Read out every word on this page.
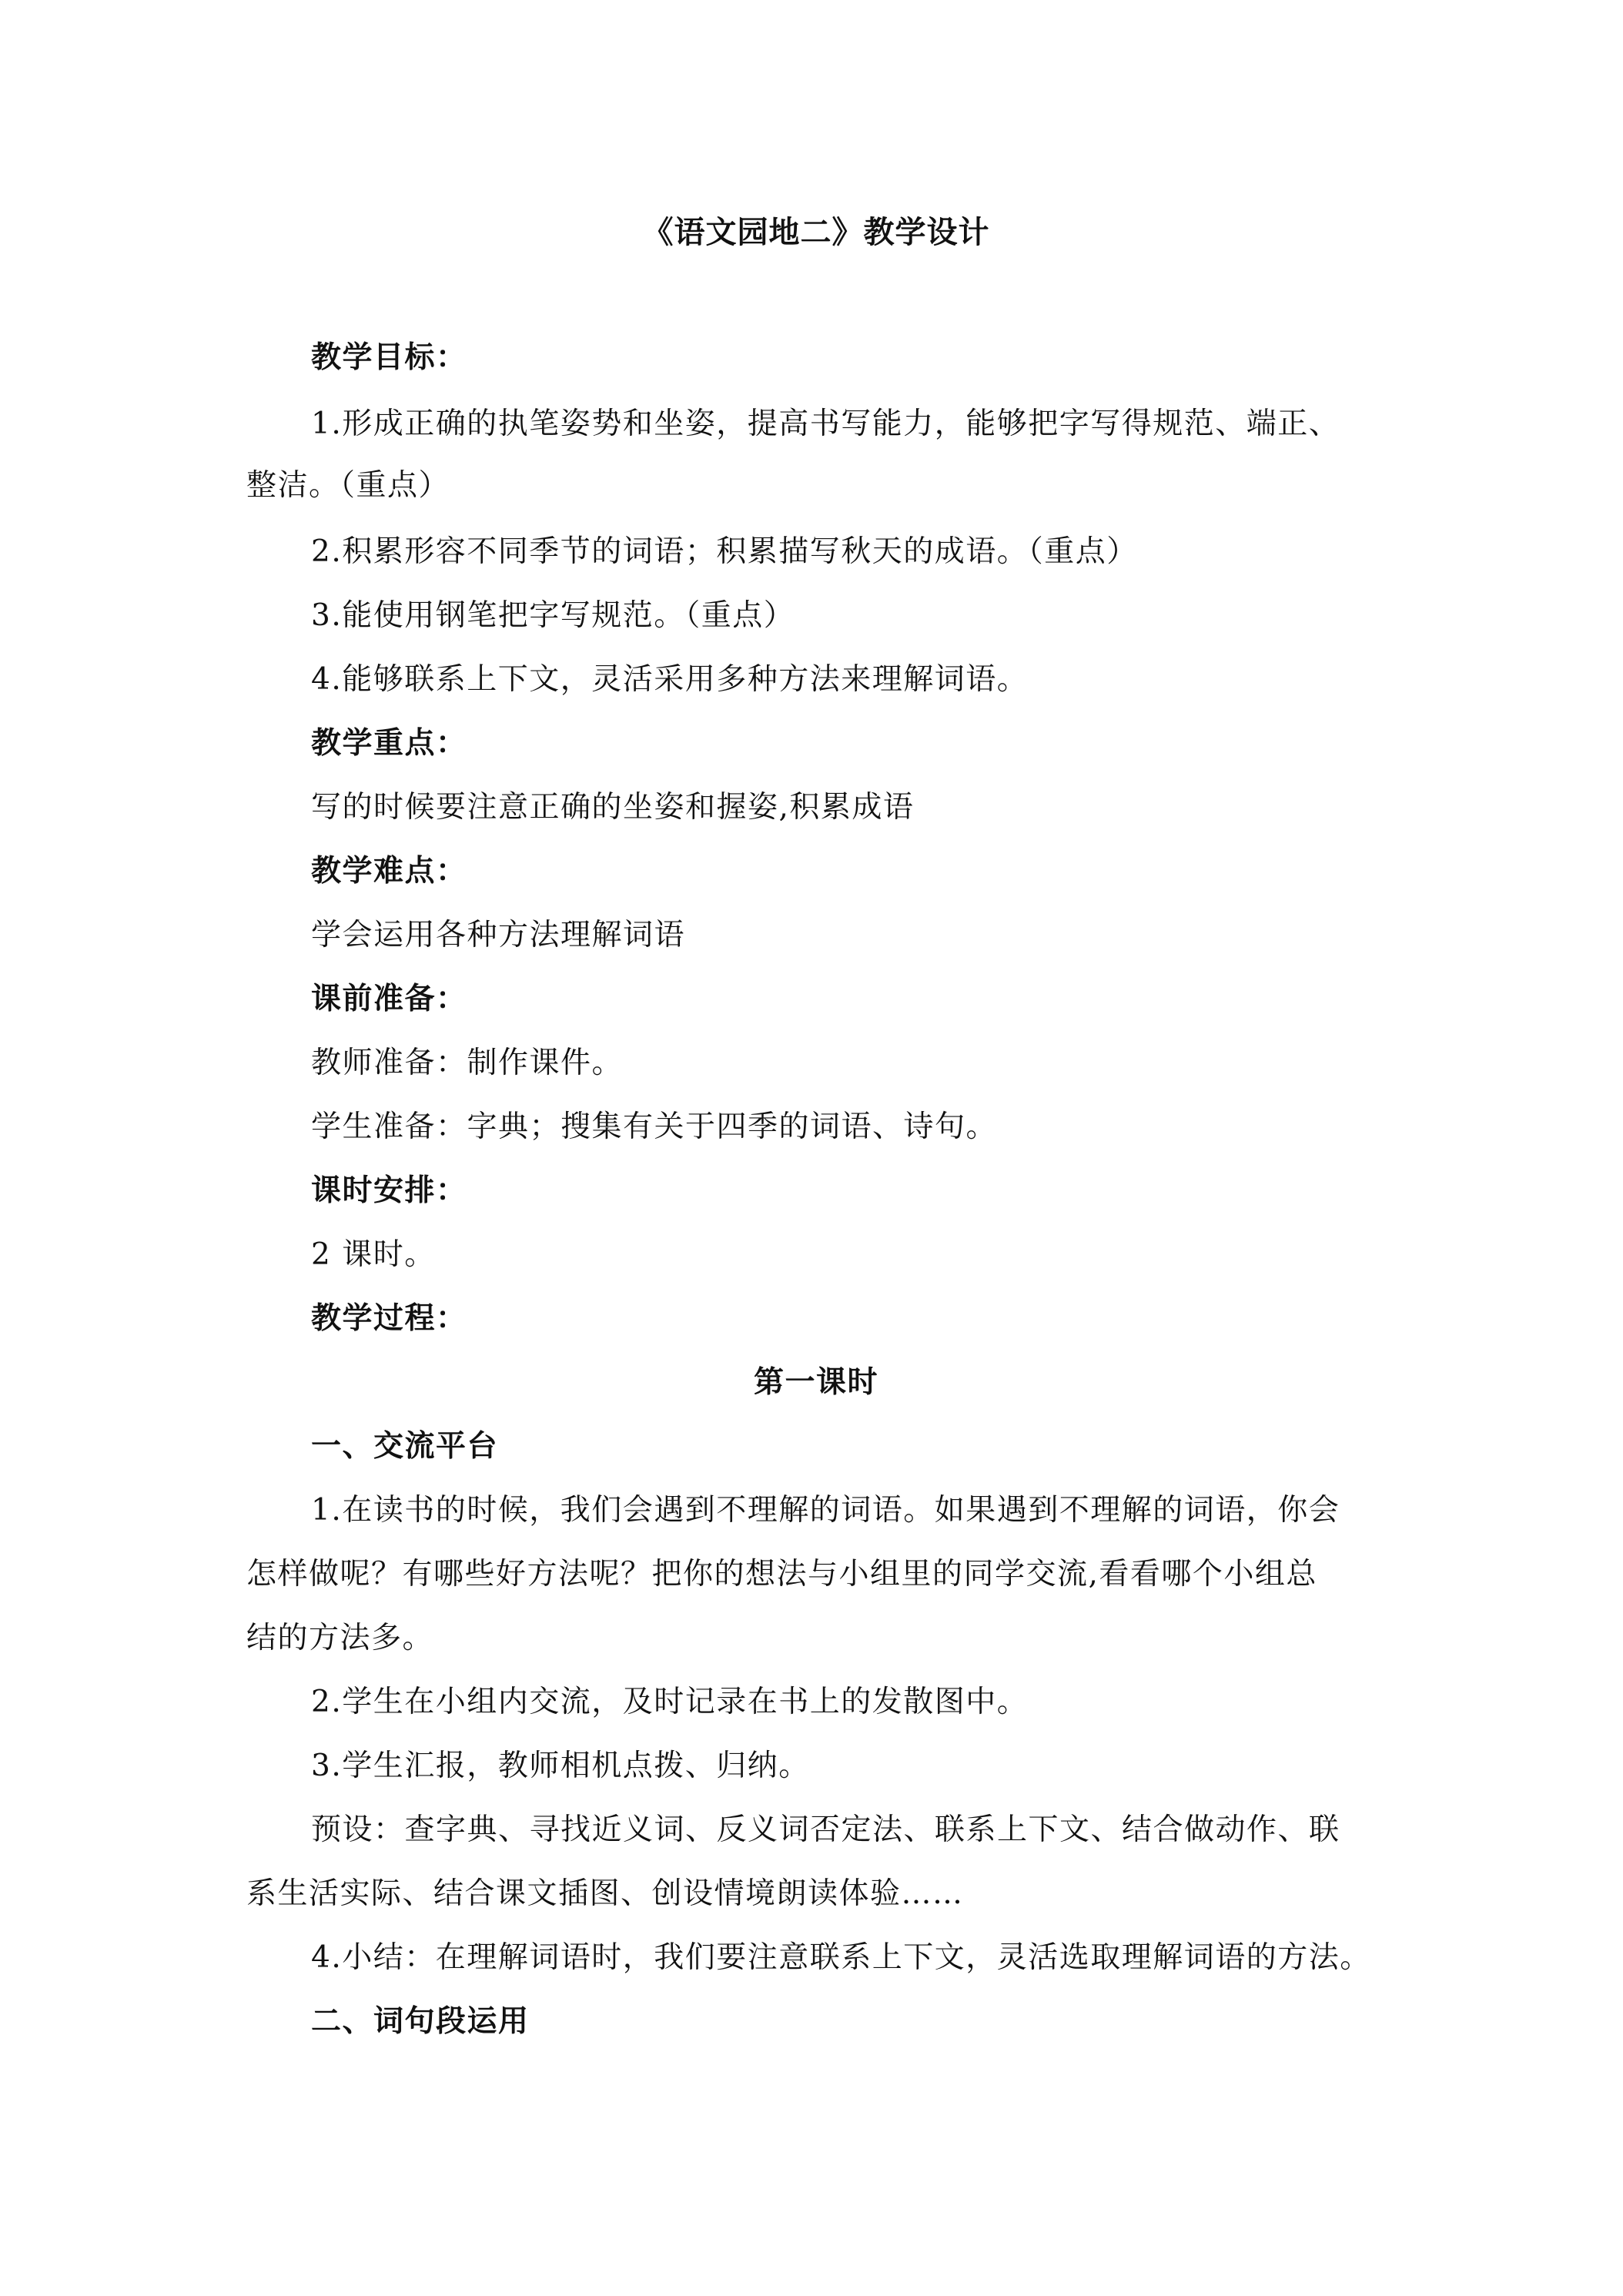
《语文园地二》教学设计
教学目标：
1.形成正确的执笔姿势和坐姿，提高书写能力，能够把字写得规范、端正、
整洁。（重点）
2.积累形容不同季节的词语；积累描写秋天的成语。（重点）
3.能使用钢笔把字写规范。（重点）
4.能够联系上下文，灵活采用多种方法来理解词语。
教学重点：
写的时候要注意正确的坐姿和握姿,积累成语
教学难点：
学会运用各种方法理解词语
课前准备：
教师准备：制作课件。
学生准备：字典；搜集有关于四季的词语、诗句。
课时安排：
2 课时。
教学过程：
第一课时
一、交流平台
1.在读书的时候，我们会遇到不理解的词语。如果遇到不理解的词语，你会
怎样做呢？有哪些好方法呢？把你的想法与小组里的同学交流,看看哪个小组总
结的方法多。
2.学生在小组内交流，及时记录在书上的发散图中。
3.学生汇报，教师相机点拨、归纳。
预设：查字典、寻找近义词、反义词否定法、联系上下文、结合做动作、联
系生活实际、结合课文插图、创设情境朗读体验……
4.小结：在理解词语时，我们要注意联系上下文，灵活选取理解词语的方法。
二、词句段运用
